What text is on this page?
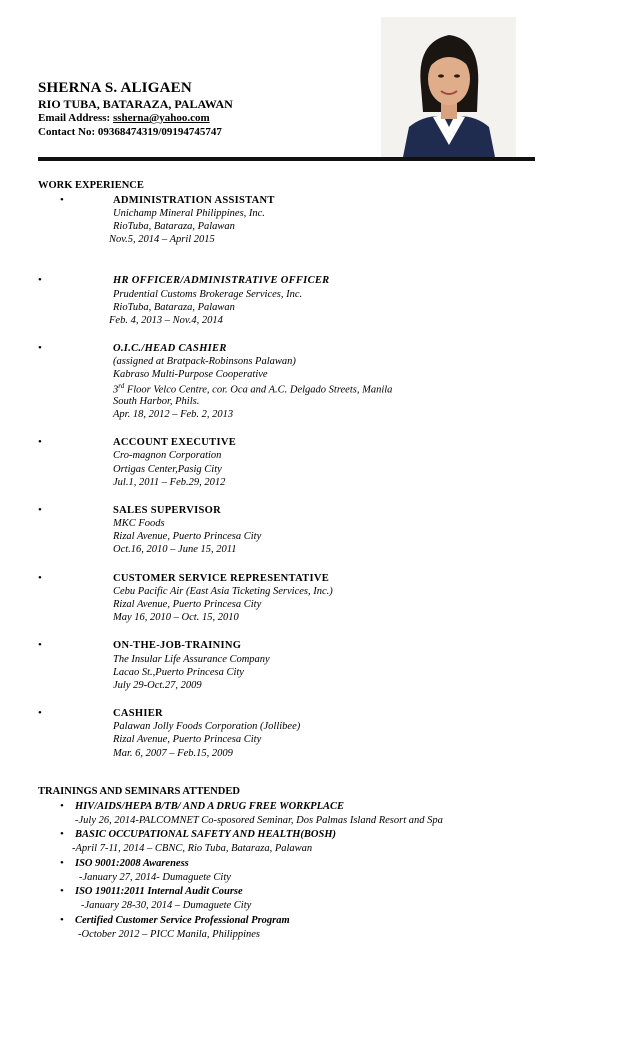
SHERNA S. ALIGAEN
RIO TUBA, BATARAZA, PALAWAN
Email Address: ssherna@yahoo.com
Contact No: 09368474319/09194745747
WORK EXPERIENCE
•	ADMINISTRATION ASSISTANT
Unichamp Mineral Philippines, Inc.
RioTuba, Bataraza, Palawan
Nov.5, 2014 – April 2015
•	HR OFFICER/ADMINISTRATIVE OFFICER
Prudential Customs Brokerage Services, Inc.
RioTuba, Bataraza, Palawan
Feb. 4, 2013 – Nov.4, 2014
•	O.I.C./HEAD CASHIER
(assigned at Bratpack-Robinsons Palawan)
Kabraso Multi-Purpose Cooperative
3rd Floor Velco Centre, cor. Oca and A.C. Delgado Streets, Manila
South Harbor, Phils.
Apr. 18, 2012 – Feb. 2, 2013
•	ACCOUNT EXECUTIVE
Cro-magnon Corporation
Ortigas Center,Pasig City
Jul.1, 2011 – Feb.29, 2012
•	SALES SUPERVISOR
MKC Foods
Rizal Avenue, Puerto Princesa City
Oct.16, 2010 – June 15, 2011
•	CUSTOMER SERVICE REPRESENTATIVE
Cebu Pacific Air (East Asia Ticketing Services, Inc.)
Rizal Avenue, Puerto Princesa City
May 16, 2010 – Oct. 15, 2010
•	ON-THE-JOB-TRAINING
The Insular Life Assurance Company
Lacao St.,Puerto Princesa City
July 29-Oct.27, 2009
•	CASHIER
Palawan Jolly Foods Corporation (Jollibee)
Rizal Avenue, Puerto Princesa City
Mar. 6, 2007 – Feb.15, 2009
TRAININGS AND SEMINARS ATTENDED
• HIV/AIDS/HEPA B/TB/ AND A DRUG FREE WORKPLACE
-July 26, 2014-PALCOMNET Co-sposored Seminar, Dos Palmas Island Resort and Spa
• BASIC OCCUPATIONAL SAFETY AND HEALTH(BOSH)
-April 7-11, 2014 – CBNC, Rio Tuba, Bataraza, Palawan
• ISO 9001:2008 Awareness
-January 27, 2014- Dumaguete City
• ISO 19011:2011 Internal Audit Course
-January 28-30, 2014 – Dumaguete City
• Certified Customer Service Professional Program
-October 2012 – PICC Manila, Philippines
